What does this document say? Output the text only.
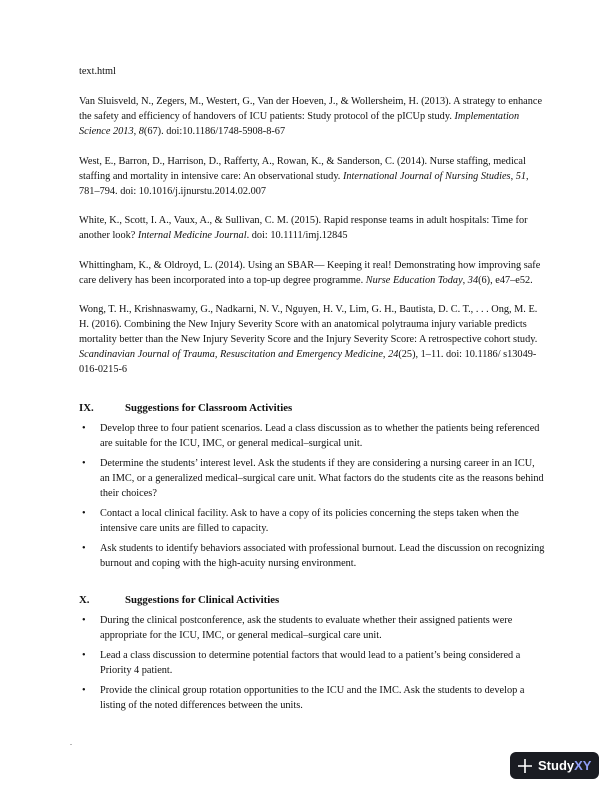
text.html

Van Sluisveld, N., Zegers, M., Westert, G., Van der Hoeven, J., & Wollersheim, H. (2013). A strategy to enhance the safety and efficiency of handovers of ICU patients: Study protocol of the pICUp study. Implementation Science 2013, 8(67). doi:10.1186/1748-5908-8-67

West, E., Barron, D., Harrison, D., Rafferty, A., Rowan, K., & Sanderson, C. (2014). Nurse staffing, medical staffing and mortality in intensive care: An observational study. International Journal of Nursing Studies, 51, 781–794. doi: 10.1016/j.ijnurstu.2014.02.007

White, K., Scott, I. A., Vaux, A., & Sullivan, C. M. (2015). Rapid response teams in adult hospitals: Time for another look? Internal Medicine Journal. doi: 10.1111/imj.12845

Whittingham, K., & Oldroyd, L. (2014). Using an SBAR— Keeping it real! Demonstrating how improving safe care delivery has been incorporated into a top-up degree programme. Nurse Education Today, 34(6), e47–e52.

Wong, T. H., Krishnaswamy, G., Nadkarni, N. V., Nguyen, H. V., Lim, G. H., Bautista, D. C. T., . . . Ong, M. E. H. (2016). Combining the New Injury Severity Score with an anatomical polytrauma injury variable predicts mortality better than the New Injury Severity Score and the Injury Severity Score: A retrospective cohort study. Scandinavian Journal of Trauma, Resuscitation and Emergency Medicine, 24(25), 1–11. doi: 10.1186/ s13049-016-0215-6

IX.	Suggestions for Classroom Activities
• Develop three to four patient scenarios. Lead a class discussion as to whether the patients being referenced are suitable for the ICU, IMC, or general medical–surgical unit.
• Determine the students’ interest level. Ask the students if they are considering a nursing career in an ICU, an IMC, or a generalized medical–surgical care unit. What factors do the students cite as the reasons behind their choices?
• Contact a local clinical facility. Ask to have a copy of its policies concerning the steps taken when the intensive care units are filled to capacity.
• Ask students to identify behaviors associated with professional burnout. Lead the discussion on recognizing burnout and coping with the high-acuity nursing environment.
X.	Suggestions for Clinical Activities
• During the clinical postconference, ask the students to evaluate whether their assigned patients were appropriate for the ICU, IMC, or general medical–surgical care unit.
• Lead a class discussion to determine potential factors that would lead to a patient’s being considered a Priority 4 patient.
• Provide the clinical group rotation opportunities to the ICU and the IMC. Ask the students to develop a listing of the noted differences between the units.
.
StudyXY
